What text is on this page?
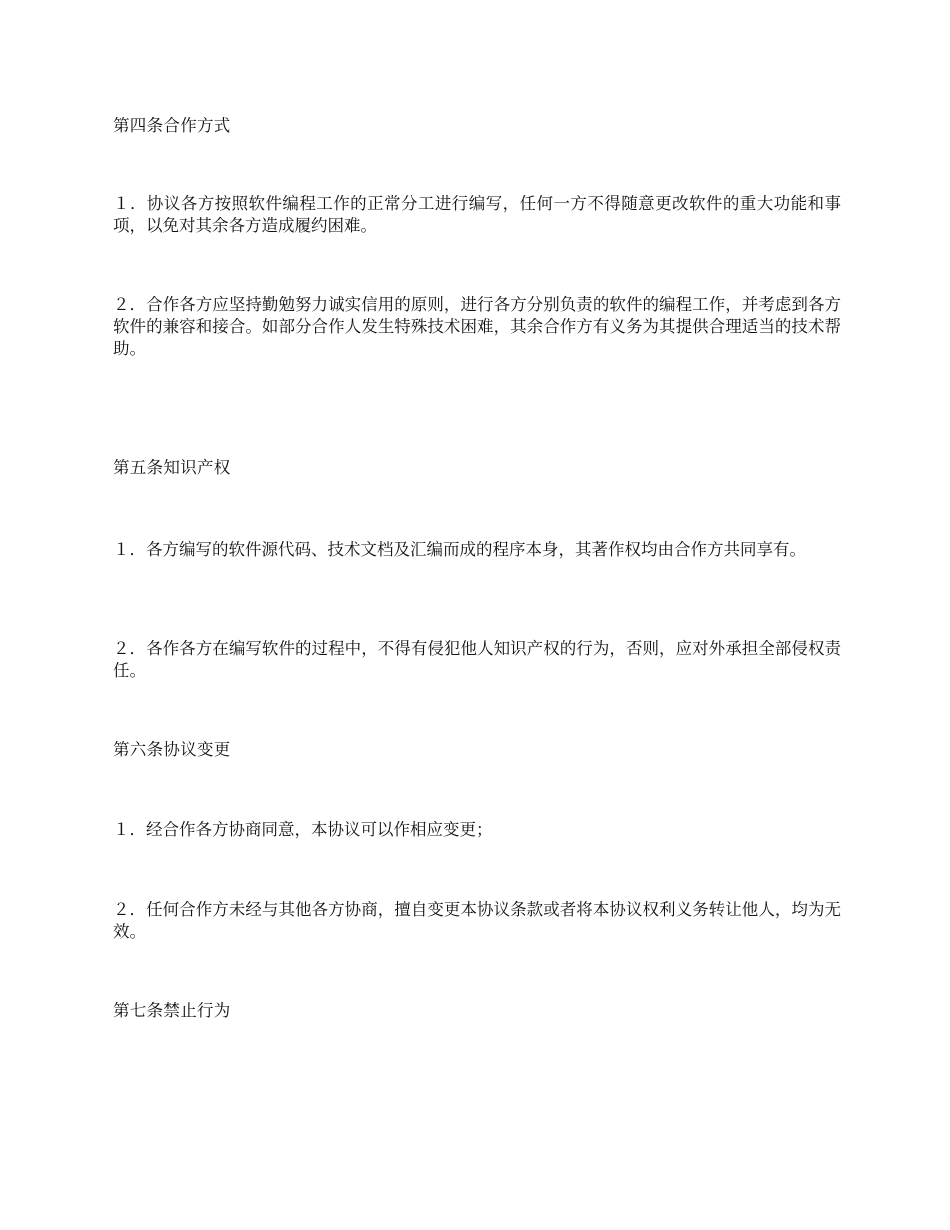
第四条合作方式

１．协议各方按照软件编程工作的正常分工进行编写，任何一方不得随意更改软件的重大功能和事项，以免对其余各方造成履约困难。

２．合作各方应坚持勤勉努力诚实信用的原则，进行各方分别负责的软件的编程工作，并考虑到各方软件的兼容和接合。如部分合作人发生特殊技术困难，其余合作方有义务为其提供合理适当的技术帮助。

第五条知识产权

１．各方编写的软件源代码、技术文档及汇编而成的程序本身，其著作权均由合作方共同享有。

２．各作各方在编写软件的过程中，不得有侵犯他人知识产权的行为，否则，应对外承担全部侵权责任。

第六条协议变更

１．经合作各方协商同意，本协议可以作相应变更；

２．任何合作方未经与其他各方协商，擅自变更本协议条款或者将本协议权利义务转让他人，均为无效。

第七条禁止行为
